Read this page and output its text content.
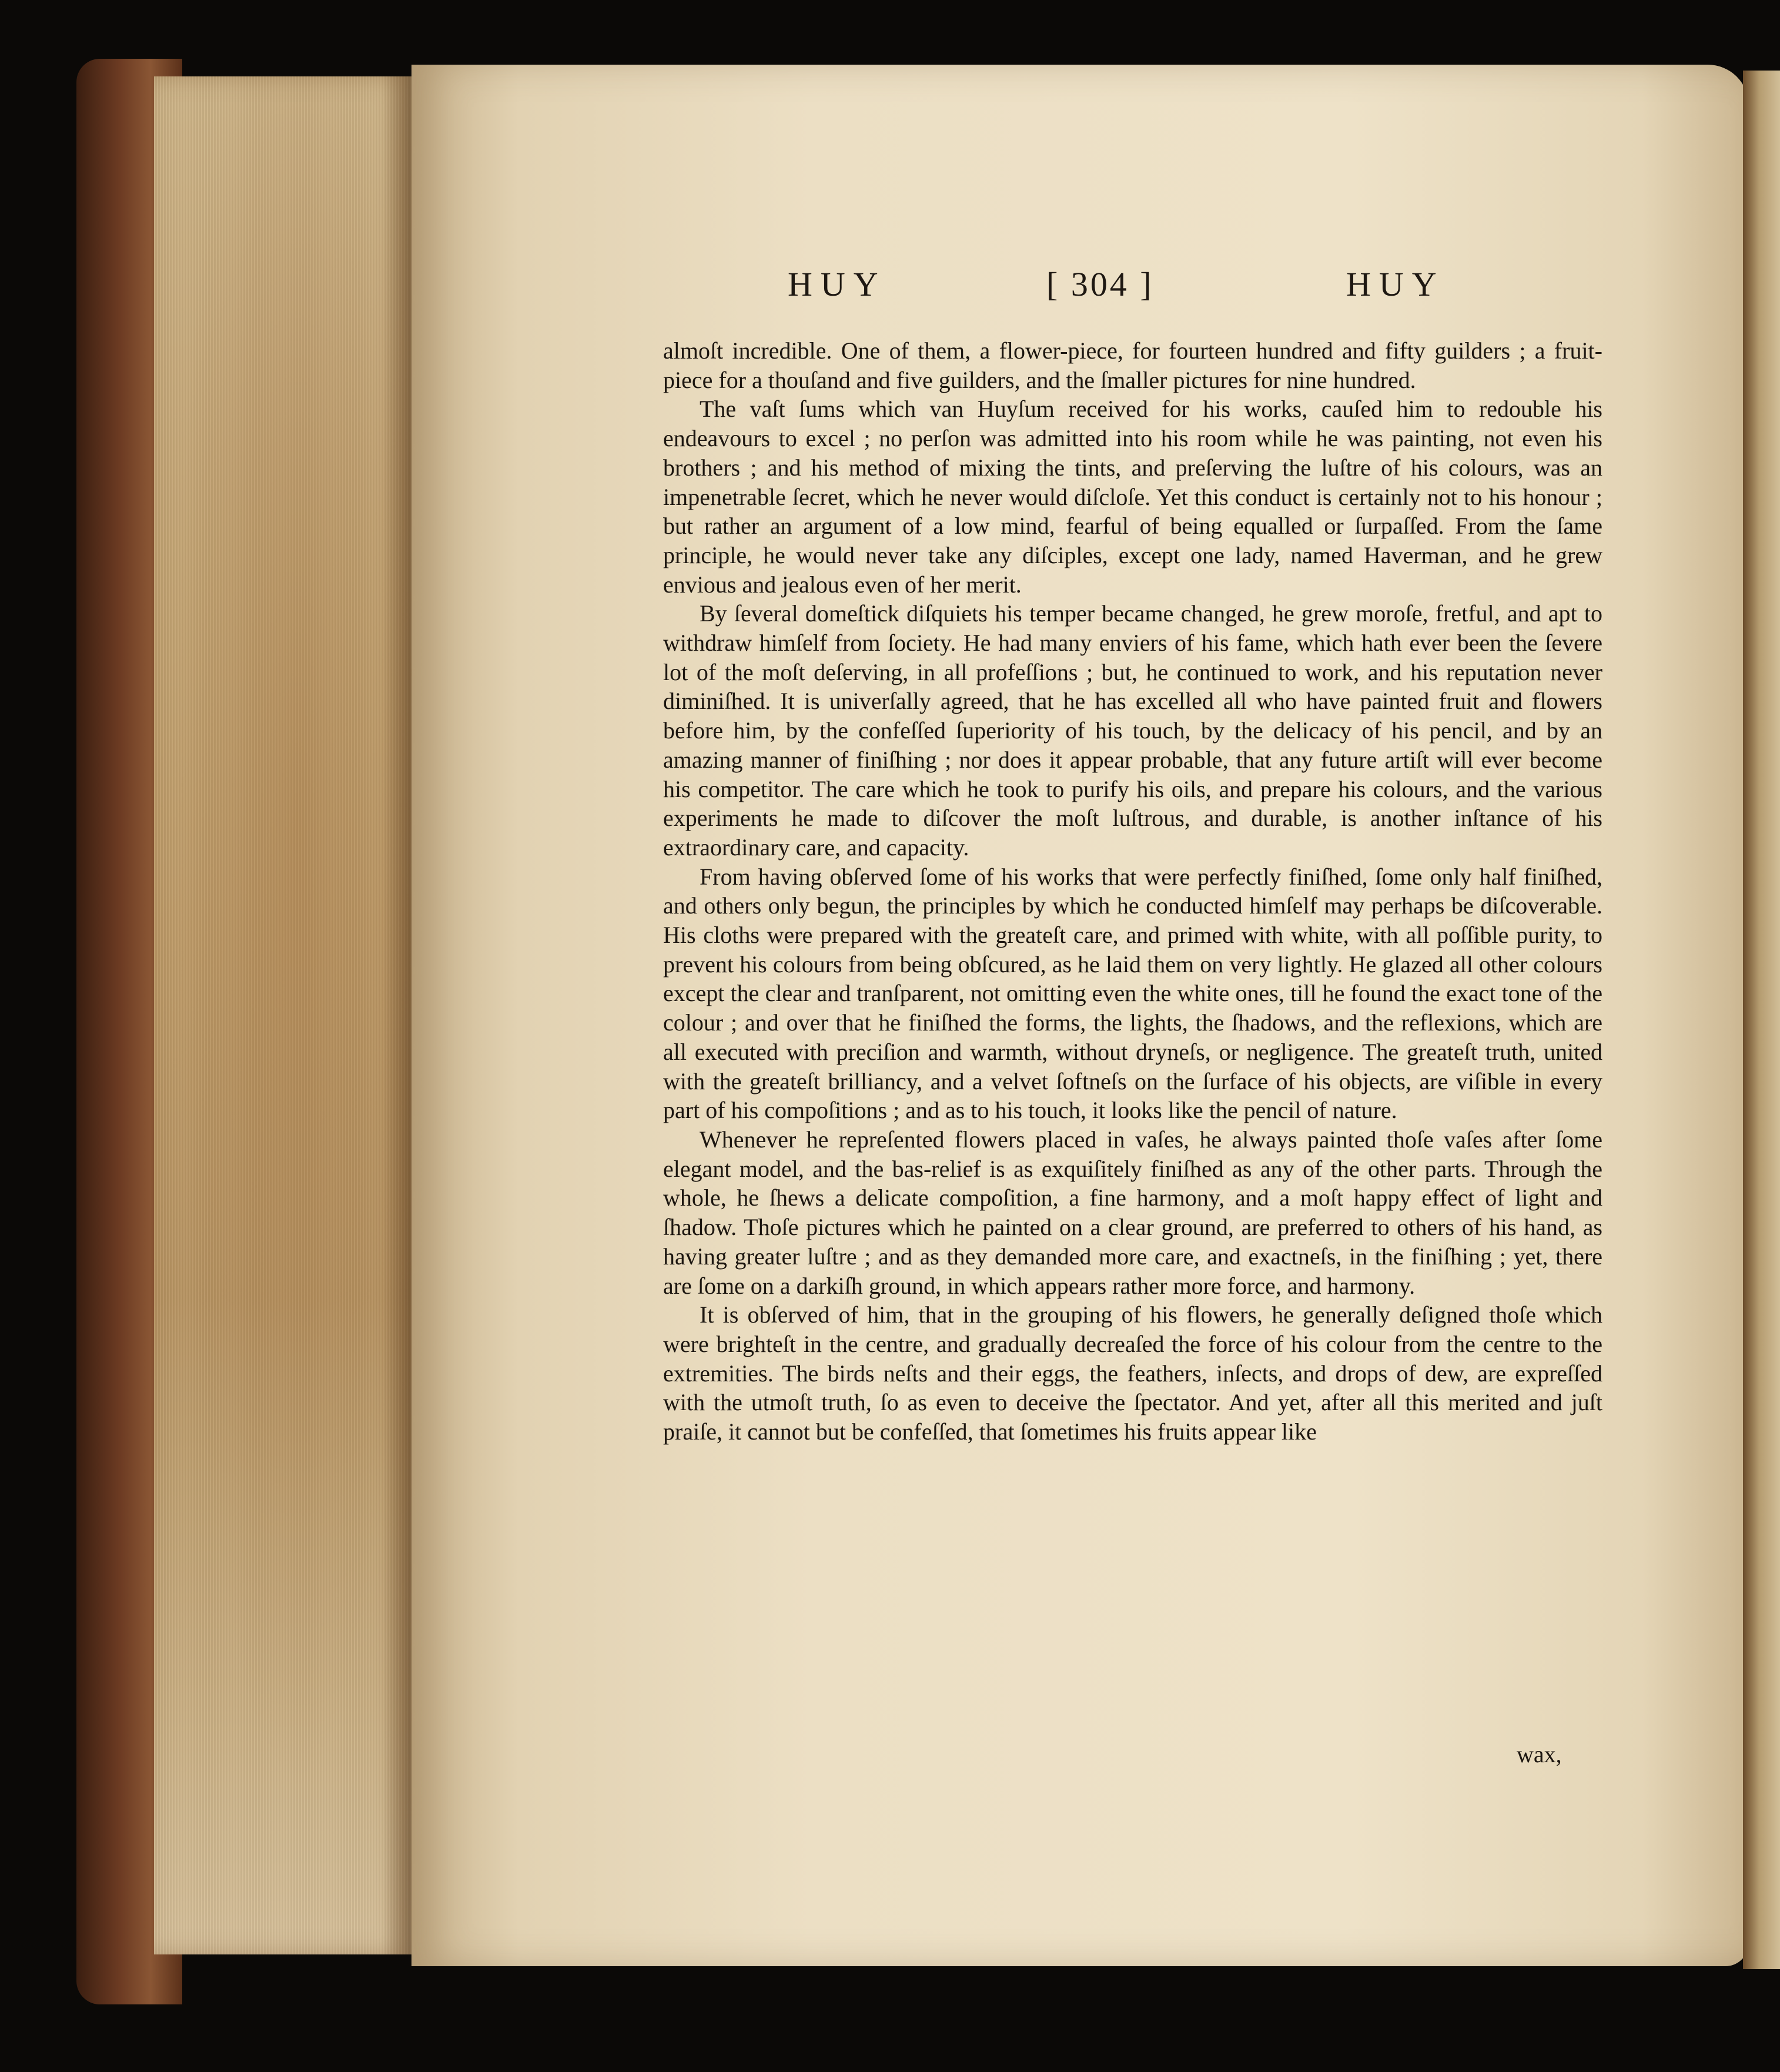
HUY	[ 304 ]	HUY

almoſt incredible. One of them, a flower-piece, for fourteen hundred and fifty guilders ; a fruit-piece for a thouſand and five guilders, and the ſmaller pictures for nine hundred.

The vaſt ſums which van Huyſum received for his works, cauſed him to redouble his endeavours to excel ; no perſon was admitted into his room while he was painting, not even his brothers ; and his method of mixing the tints, and preſerving the luſtre of his colours, was an impenetrable ſecret, which he never would diſcloſe. Yet this conduct is certainly not to his honour ; but rather an argument of a low mind, fearful of being equalled or ſurpaſſed. From the ſame principle, he would never take any diſciples, except one lady, named Haverman, and he grew envious and jealous even of her merit.

By ſeveral domeſtick diſquiets his temper became changed, he grew moroſe, fretful, and apt to withdraw himſelf from ſociety. He had many enviers of his fame, which hath ever been the ſevere lot of the moſt deſerving, in all profeſſions ; but, he continued to work, and his reputation never diminiſhed. It is univerſally agreed, that he has excelled all who have painted fruit and flowers before him, by the confeſſed ſuperiority of his touch, by the delicacy of his pencil, and by an amazing manner of finiſhing ; nor does it appear probable, that any future artiſt will ever become his competitor. The care which he took to purify his oils, and prepare his colours, and the various experiments he made to diſcover the moſt luſtrous, and durable, is another inſtance of his extraordinary care, and capacity.

From having obſerved ſome of his works that were perfectly finiſhed, ſome only half finiſhed, and others only begun, the principles by which he conducted himſelf may perhaps be diſcoverable. His cloths were prepared with the greateſt care, and primed with white, with all poſſible purity, to prevent his colours from being obſcured, as he laid them on very lightly. He glazed all other colours except the clear and tranſparent, not omitting even the white ones, till he found the exact tone of the colour ; and over that he finiſhed the forms, the lights, the ſhadows, and the reflexions, which are all executed with preciſion and warmth, without dryneſs, or negligence. The greateſt truth, united with the greateſt brilliancy, and a velvet ſoftneſs on the ſurface of his objects, are viſible in every part of his compoſitions ; and as to his touch, it looks like the pencil of nature.

Whenever he repreſented flowers placed in vaſes, he always painted thoſe vaſes after ſome elegant model, and the bas-relief is as exquiſitely finiſhed as any of the other parts. Through the whole, he ſhews a delicate compoſition, a fine harmony, and a moſt happy effect of light and ſhadow. Thoſe pictures which he painted on a clear ground, are preferred to others of his hand, as having greater luſtre ; and as they demanded more care, and exactneſs, in the finiſhing ; yet, there are ſome on a darkiſh ground, in which appears rather more force, and harmony.

It is obſerved of him, that in the grouping of his flowers, he generally deſigned thoſe which were brighteſt in the centre, and gradually decreaſed the force of his colour from the centre to the extremities. The birds neſts and their eggs, the feathers, inſects, and drops of dew, are expreſſed with the utmoſt truth, ſo as even to deceive the ſpectator. And yet, after all this merited and juſt praiſe, it cannot but be confeſſed, that ſometimes his fruits appear like

wax,
